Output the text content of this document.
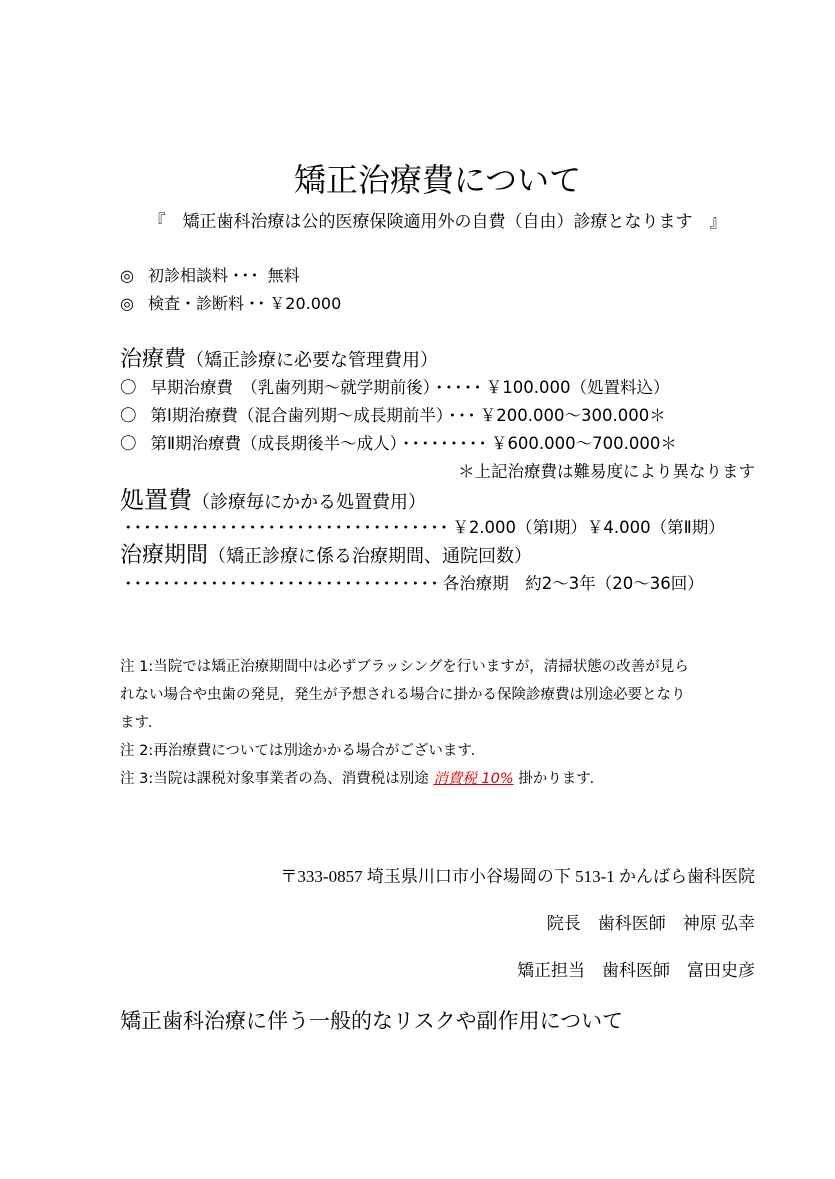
矯正治療費について
『　矯正歯科治療は公的医療保険適用外の自費（自由）診療となります　』
◎ 初診相談料・・・ 無料
◎ 検査・診断料・・ ￥20.000
治療費（矯正診療に必要な管理費用）
〇 早期治療費　（乳歯列期～就学期前後）・・・・・ ￥100.000（処置料込）
〇 第Ⅰ期治療費（混合歯列期～成長期前半）・・・ ￥200.000～300.000＊
〇 第Ⅱ期治療費（成長期後半～成人）・・・・・・・・・ ￥600.000～700.000＊
＊上記治療費は難易度により異なります
処置費（診療毎にかかる処置費用）
・・・・・・・・・・・・・・・・・・・・・・・・・・・・・・・・・・ ￥2.000（第Ⅰ期）￥4.000（第Ⅱ期）
治療期間（矯正診療に係る治療期間、通院回数）
・・・・・・・・・・・・・・・・・・・・・・・・・・・・・・・・・ 各治療期　約2～3年（20～36回）
注 1:当院では矯正治療期間中は必ずブラッシングを行いますが，清掃状態の改善が見ら
れない場合や虫歯の発見，発生が予想される場合に掛かる保険診療費は別途必要となり
ます．
注 2:再治療費については別途かかる場合がございます．
注 3:当院は課税対象事業者の為、消費税は別途 消費税 10% 掛かります．
〒333-0857 埼玉県川口市小谷場岡の下 513-1 かんばら歯科医院
院長　歯科医師　神原 弘幸
矯正担当　歯科医師　富田史彦
矯正歯科治療に伴う一般的なリスクや副作用について
